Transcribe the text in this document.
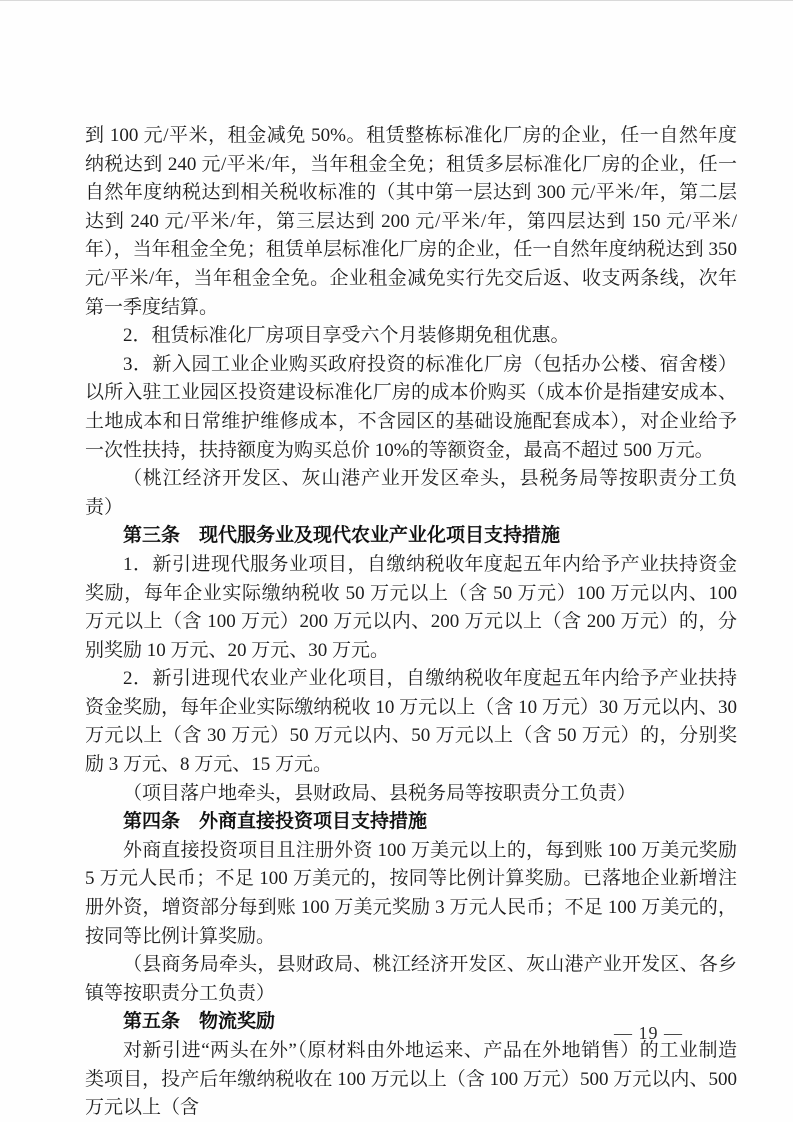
到 100 元/平米，租金减免 50%。租赁整栋标准化厂房的企业，任一自然年度纳税达到 240 元/平米/年，当年租金全免；租赁多层标准化厂房的企业，任一自然年度纳税达到相关税收标准的（其中第一层达到 300 元/平米/年，第二层达到 240 元/平米/年，第三层达到 200 元/平米/年，第四层达到 150 元/平米/年），当年租金全免；租赁单层标准化厂房的企业，任一自然年度纳税达到 350 元/平米/年，当年租金全免。企业租金减免实行先交后返、收支两条线，次年第一季度结算。

2．租赁标准化厂房项目享受六个月装修期免租优惠。

3．新入园工业企业购买政府投资的标准化厂房（包括办公楼、宿舍楼）以所入驻工业园区投资建设标准化厂房的成本价购买（成本价是指建安成本、土地成本和日常维护维修成本，不含园区的基础设施配套成本），对企业给予一次性扶持，扶持额度为购买总价 10%的等额资金，最高不超过 500 万元。

（桃江经济开发区、灰山港产业开发区牵头，县税务局等按职责分工负责）

第三条　现代服务业及现代农业产业化项目支持措施

1．新引进现代服务业项目，自缴纳税收年度起五年内给予产业扶持资金奖励，每年企业实际缴纳税收 50 万元以上（含 50 万元）100 万元以内、100 万元以上（含 100 万元）200 万元以内、200 万元以上（含 200 万元）的，分别奖励 10 万元、20 万元、30 万元。

2．新引进现代农业产业化项目，自缴纳税收年度起五年内给予产业扶持资金奖励，每年企业实际缴纳税收 10 万元以上（含 10 万元）30 万元以内、30 万元以上（含 30 万元）50 万元以内、50 万元以上（含 50 万元）的，分别奖励 3 万元、8 万元、15 万元。

（项目落户地牵头，县财政局、县税务局等按职责分工负责）

第四条　外商直接投资项目支持措施

外商直接投资项目且注册外资 100 万美元以上的，每到账 100 万美元奖励 5 万元人民币；不足 100 万美元的，按同等比例计算奖励。已落地企业新增注册外资，增资部分每到账 100 万美元奖励 3 万元人民币；不足 100 万美元的，按同等比例计算奖励。

（县商务局牵头，县财政局、桃江经济开发区、灰山港产业开发区、各乡镇等按职责分工负责）

第五条　物流奖励

对新引进“两头在外”（原材料由外地运来、产品在外地销售）的工业制造类项目，投产后年缴纳税收在 100 万元以上（含 100 万元）500 万元以内、500 万元以上（含

— 19 —
